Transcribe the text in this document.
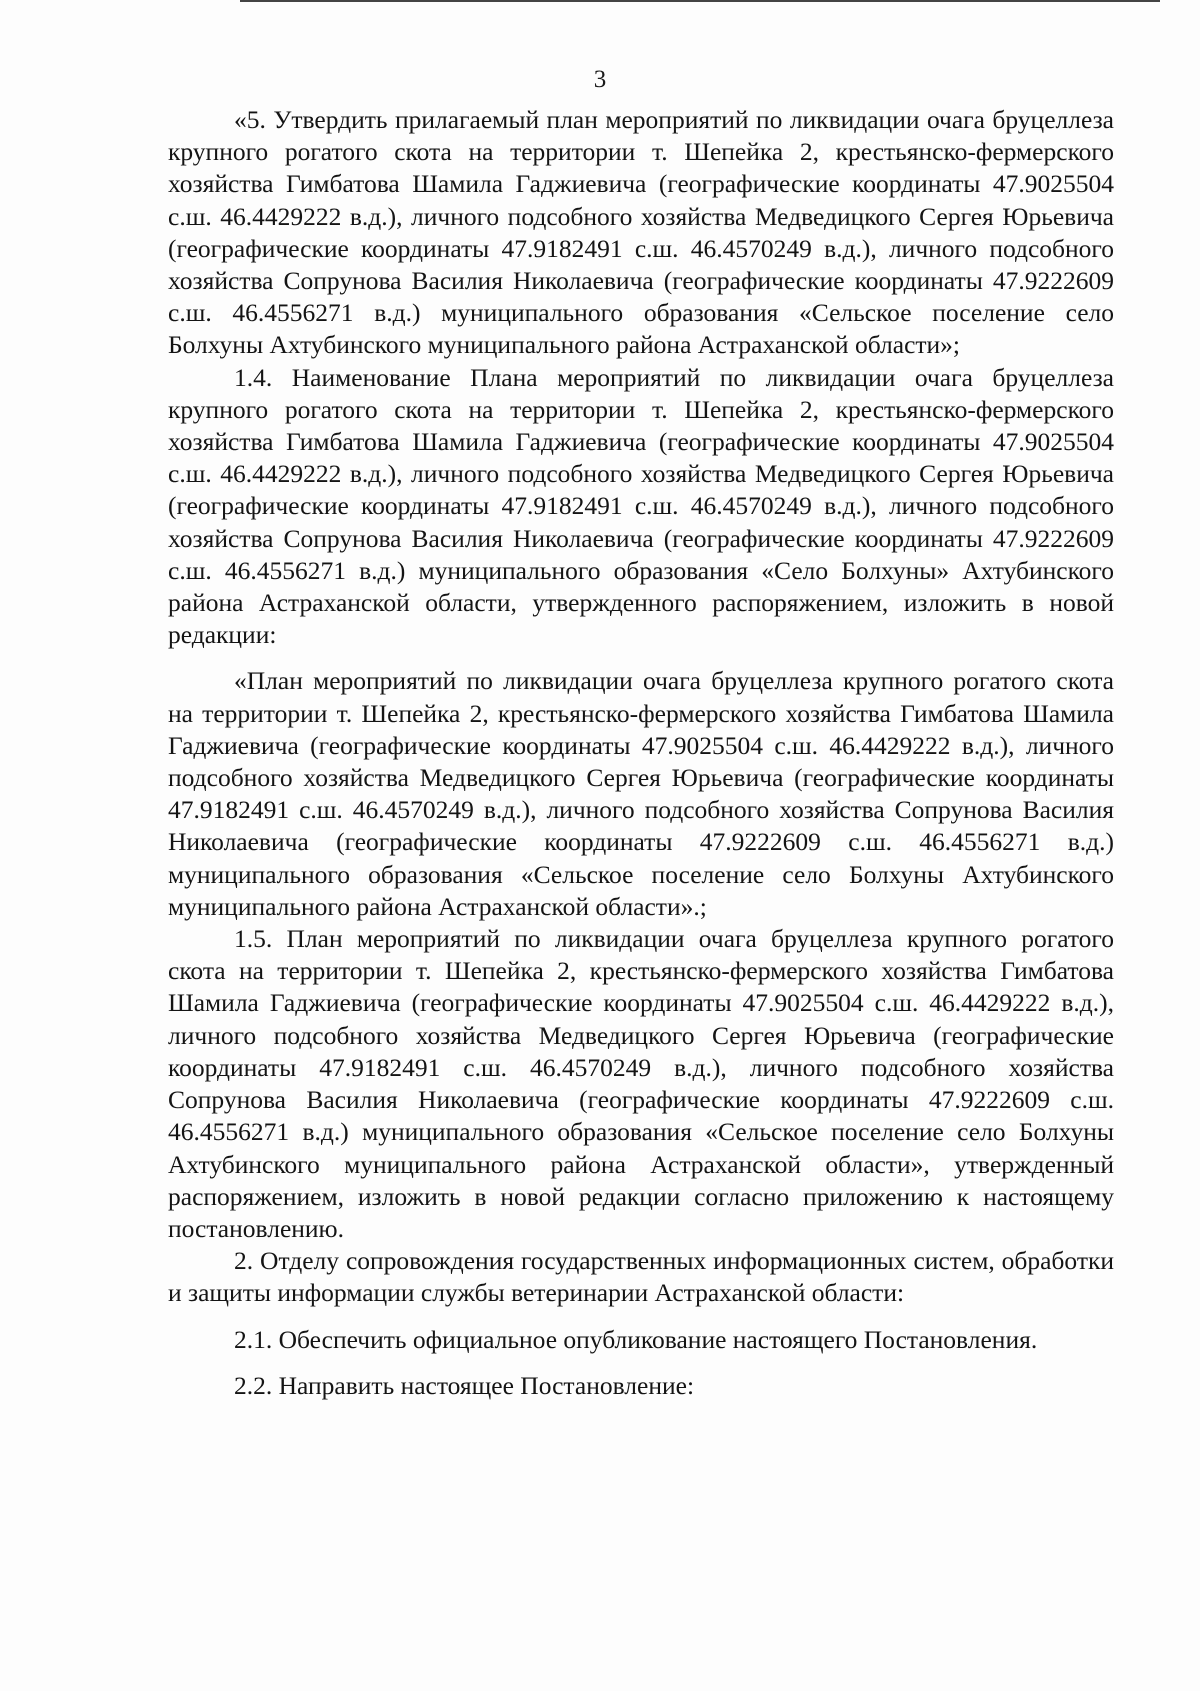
3

«5. Утвердить прилагаемый план мероприятий по ликвидации очага бруцеллеза крупного рогатого скота на территории т. Шепейка 2, крестьянско-фермерского хозяйства Гимбатова Шамила Гаджиевича (географические координаты 47.9025504 с.ш. 46.4429222 в.д.), личного подсобного хозяйства Медведицкого Сергея Юрьевича (географические координаты 47.9182491 с.ш. 46.4570249 в.д.), личного подсобного хозяйства Сопрунова Василия Николаевича (географические координаты 47.9222609 с.ш. 46.4556271 в.д.) муниципального образования «Сельское поселение село Болхуны Ахтубинского муниципального района Астраханской области»;

1.4. Наименование Плана мероприятий по ликвидации очага бруцеллеза крупного рогатого скота на территории т. Шепейка 2, крестьянско-фермерского хозяйства Гимбатова Шамила Гаджиевича (географические координаты 47.9025504 с.ш. 46.4429222 в.д.), личного подсобного хозяйства Медведицкого Сергея Юрьевича (географические координаты 47.9182491 с.ш. 46.4570249 в.д.), личного подсобного хозяйства Сопрунова Василия Николаевича (географические координаты 47.9222609 с.ш. 46.4556271 в.д.) муниципального образования «Село Болхуны» Ахтубинского района Астраханской области, утвержденного распоряжением, изложить в новой редакции:

«План мероприятий по ликвидации очага бруцеллеза крупного рогатого скота на территории т. Шепейка 2, крестьянско-фермерского хозяйства Гимбатова Шамила Гаджиевича (географические координаты 47.9025504 с.ш. 46.4429222 в.д.), личного подсобного хозяйства Медведицкого Сергея Юрьевича (географические координаты 47.9182491 с.ш. 46.4570249 в.д.), личного подсобного хозяйства Сопрунова Василия Николаевича (географические координаты 47.9222609 с.ш. 46.4556271 в.д.) муниципального образования «Сельское поселение село Болхуны Ахтубинского муниципального района Астраханской области».;

1.5. План мероприятий по ликвидации очага бруцеллеза крупного рогатого скота на территории т. Шепейка 2, крестьянско-фермерского хозяйства Гимбатова Шамила Гаджиевича (географические координаты 47.9025504 с.ш. 46.4429222 в.д.), личного подсобного хозяйства Медведицкого Сергея Юрьевича (географические координаты 47.9182491 с.ш. 46.4570249 в.д.), личного подсобного хозяйства Сопрунова Василия Николаевича (географические координаты 47.9222609 с.ш. 46.4556271 в.д.) муниципального образования «Сельское поселение село Болхуны Ахтубинского муниципального района Астраханской области», утвержденный распоряжением, изложить в новой редакции согласно приложению к настоящему постановлению.

2. Отделу сопровождения государственных информационных систем, обработки и защиты информации службы ветеринарии Астраханской области:

2.1. Обеспечить официальное опубликование настоящего Постановления.

2.2. Направить настоящее Постановление:
